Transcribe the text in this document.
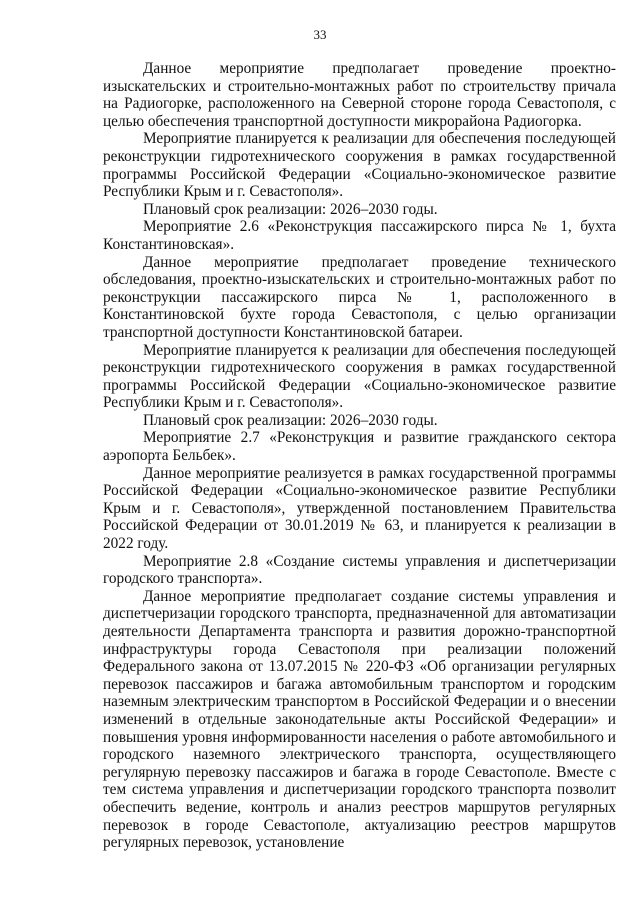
33

Данное мероприятие предполагает проведение проектно-изыскательских и строительно-монтажных работ по строительству причала на Радиогорке, расположенного на Северной стороне города Севастополя, с целью обеспечения транспортной доступности микрорайона Радиогорка.

Мероприятие планируется к реализации для обеспечения последующей реконструкции гидротехнического сооружения в рамках государственной программы Российской Федерации «Социально-экономическое развитие Республики Крым и г. Севастополя».

Плановый срок реализации: 2026–2030 годы.

Мероприятие 2.6 «Реконструкция пассажирского пирса № 1, бухта Константиновская».

Данное мероприятие предполагает проведение технического обследования, проектно-изыскательских и строительно-монтажных работ по реконструкции пассажирского пирса № 1, расположенного в Константиновской бухте города Севастополя, с целью организации транспортной доступности Константиновской батареи.

Мероприятие планируется к реализации для обеспечения последующей реконструкции гидротехнического сооружения в рамках государственной программы Российской Федерации «Социально-экономическое развитие Республики Крым и г. Севастополя».

Плановый срок реализации: 2026–2030 годы.

Мероприятие 2.7 «Реконструкция и развитие гражданского сектора аэропорта Бельбек».

Данное мероприятие реализуется в рамках государственной программы Российской Федерации «Социально-экономическое развитие Республики Крым и г. Севастополя», утвержденной постановлением Правительства Российской Федерации от 30.01.2019 № 63, и планируется к реализации в 2022 году.

Мероприятие 2.8 «Создание системы управления и диспетчеризации городского транспорта».

Данное мероприятие предполагает создание системы управления и диспетчеризации городского транспорта, предназначенной для автоматизации деятельности Департамента транспорта и развития дорожно-транспортной инфраструктуры города Севастополя при реализации положений Федерального закона от 13.07.2015 № 220-ФЗ «Об организации регулярных перевозок пассажиров и багажа автомобильным транспортом и городским наземным электрическим транспортом в Российской Федерации и о внесении изменений в отдельные законодательные акты Российской Федерации» и повышения уровня информированности населения о работе автомобильного и городского наземного электрического транспорта, осуществляющего регулярную перевозку пассажиров и багажа в городе Севастополе. Вместе с тем система управления и диспетчеризации городского транспорта позволит обеспечить ведение, контроль и анализ реестров маршрутов регулярных перевозок в городе Севастополе, актуализацию реестров маршрутов регулярных перевозок, установление
